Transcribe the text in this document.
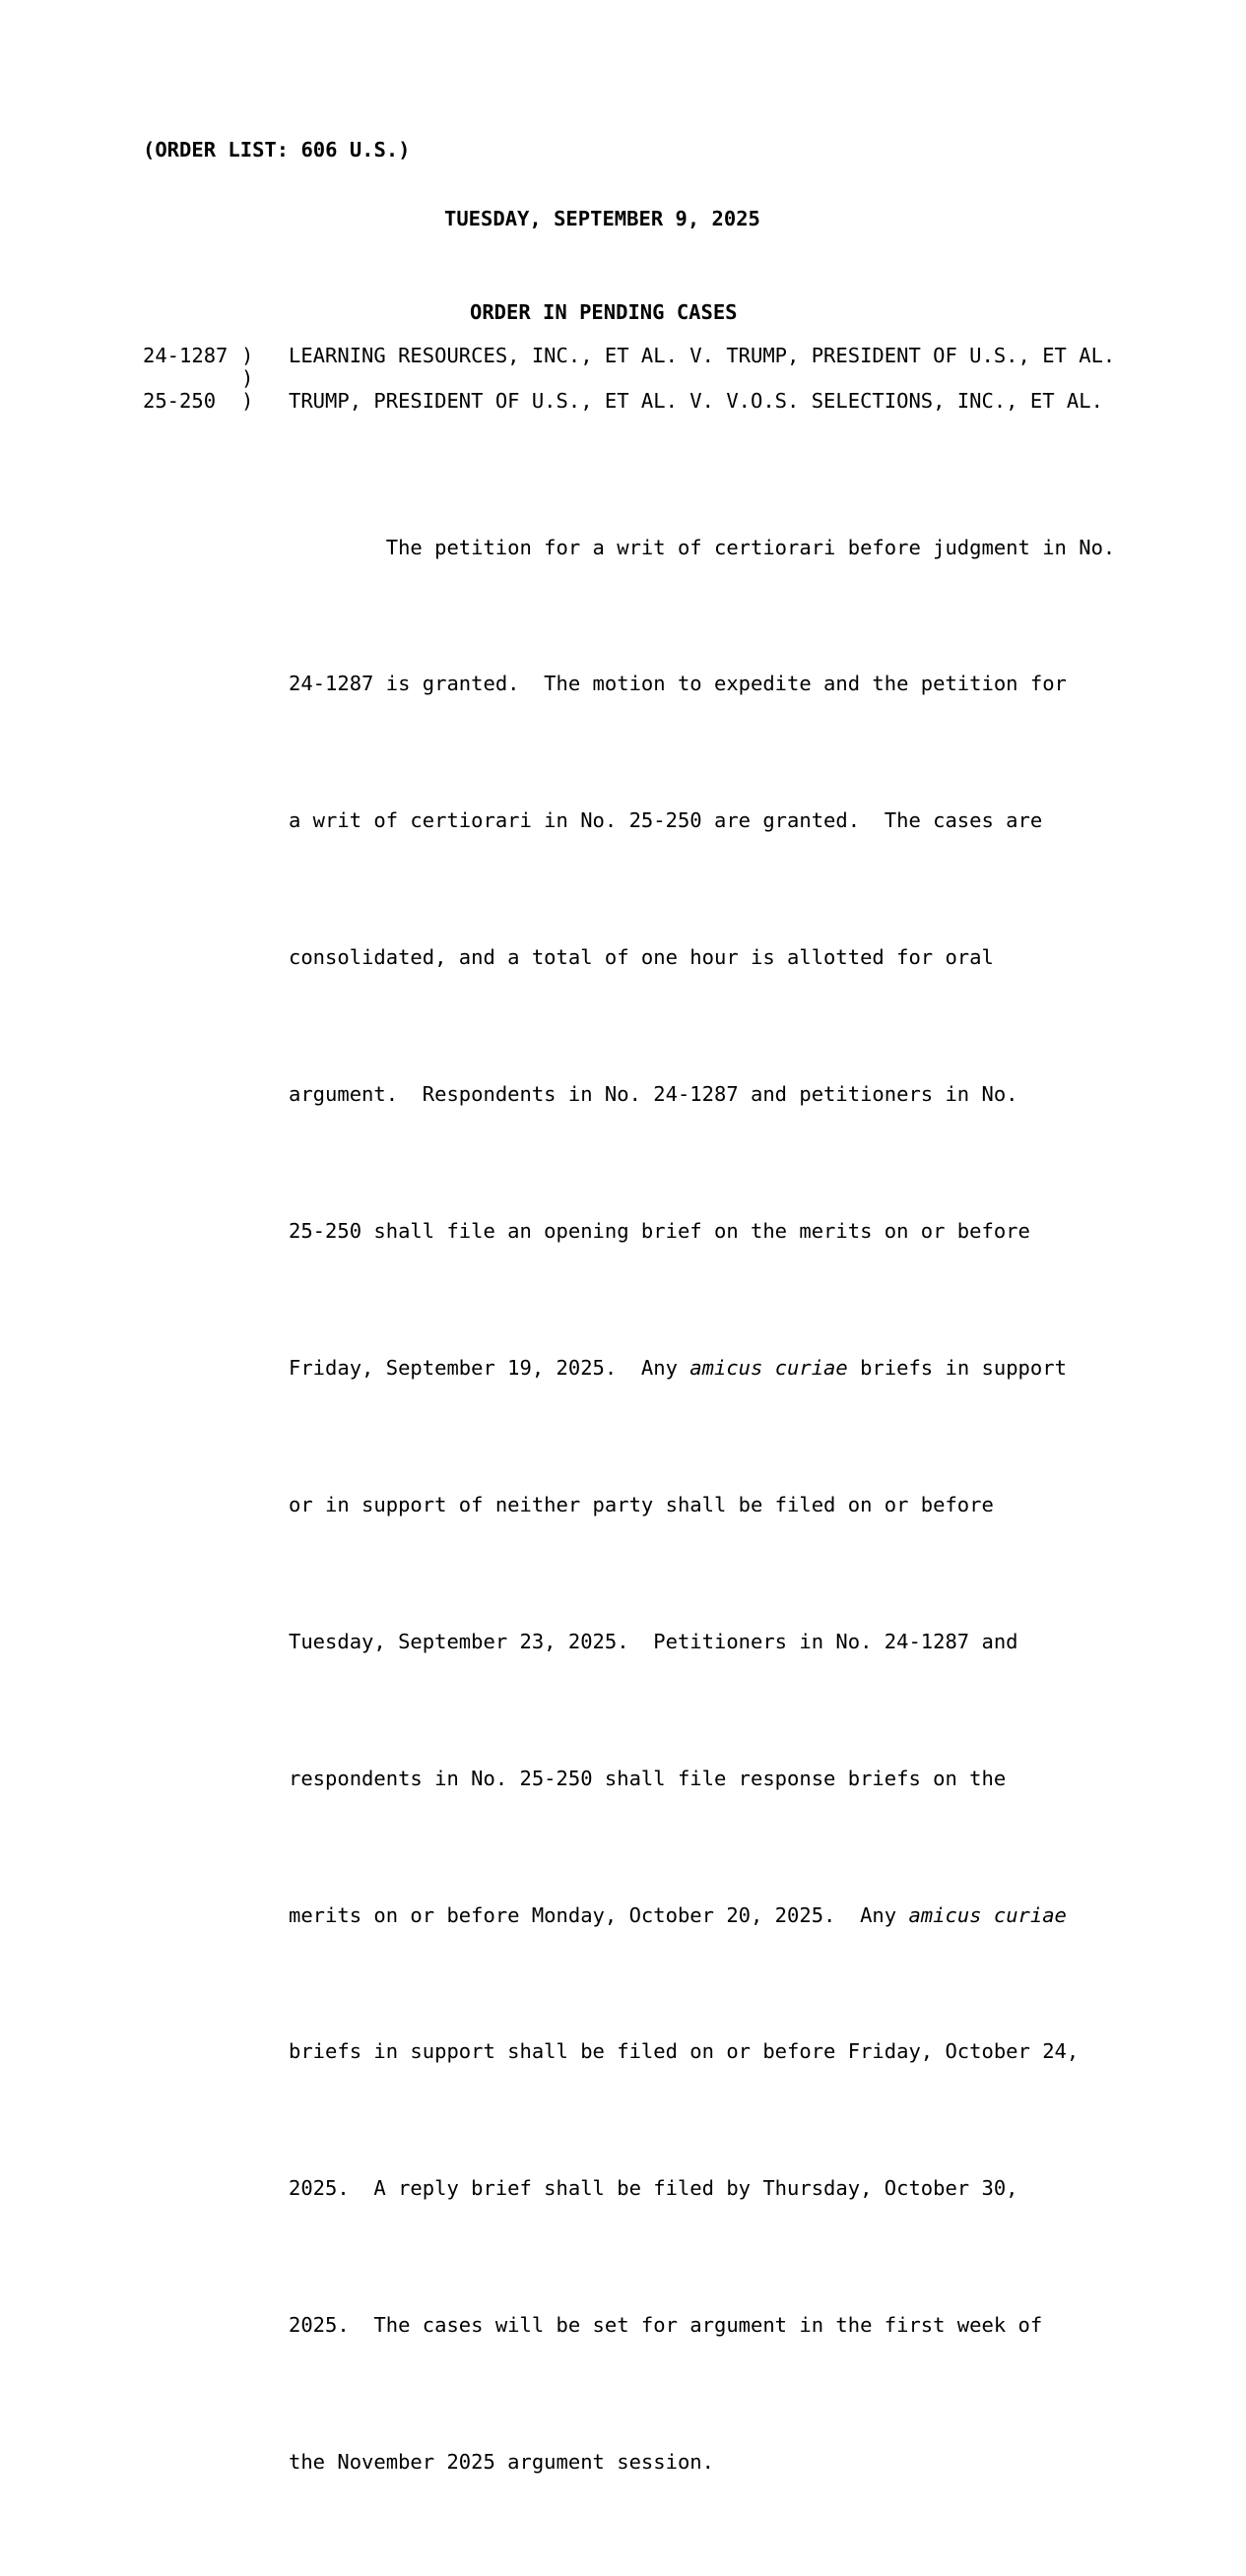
(ORDER LIST: 606 U.S.)
TUESDAY, SEPTEMBER 9, 2025
ORDER IN PENDING CASES
24-1287 )	LEARNING RESOURCES, INC., ET AL. V. TRUMP, PRESIDENT OF U.S., ET AL.
)
25-250	)	TRUMP, PRESIDENT OF U.S., ET AL. V. V.O.S. SELECTIONS, INC., ET AL.

The petition for a writ of certiorari before judgment in No.

24-1287 is granted.  The motion to expedite and the petition for

a writ of certiorari in No. 25-250 are granted.  The cases are

consolidated, and a total of one hour is allotted for oral

argument.  Respondents in No. 24-1287 and petitioners in No.

25-250 shall file an opening brief on the merits on or before

Friday, September 19, 2025.  Any amicus curiae briefs in support

or in support of neither party shall be filed on or before

Tuesday, September 23, 2025.  Petitioners in No. 24-1287 and

respondents in No. 25-250 shall file response briefs on the

merits on or before Monday, October 20, 2025.  Any amicus curiae

briefs in support shall be filed on or before Friday, October 24,

2025.  A reply brief shall be filed by Thursday, October 30,

2025.  The cases will be set for argument in the first week of

the November 2025 argument session.
